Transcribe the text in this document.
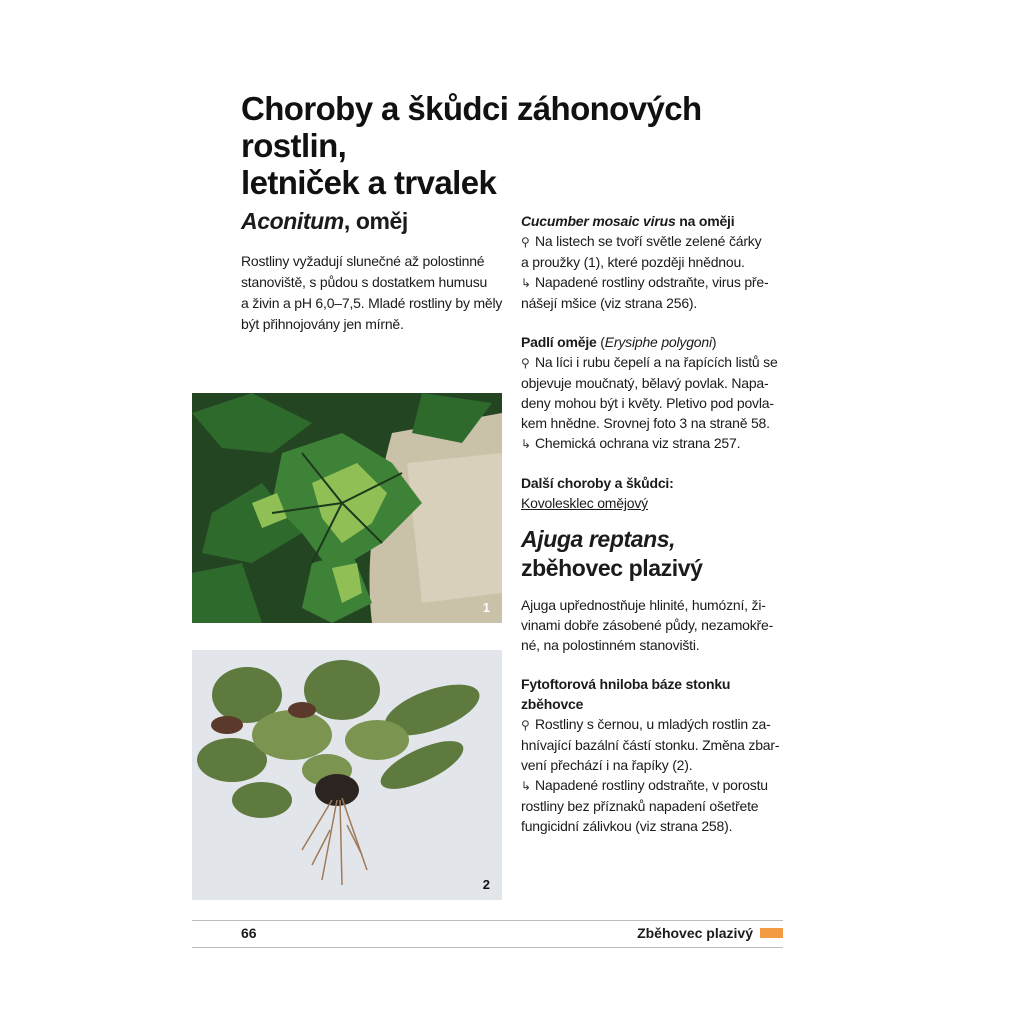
Choroby a škůdci záhonových rostlin,
letniček a trvalek
Aconitum, oměj

Rostliny vyžadují slunečné až polostinné
stanoviště, s půdou s dostatkem humusu
a živin a pH 6,0–7,5. Mladé rostliny by měly
být přihnojovány jen mírně.

1
2
Cucumber mosaic virus na oměji
⚲ Na listech se tvoří světle zelené čárky
a proužky (1), které později hnědnou.
↳ Napadené rostliny odstraňte, virus pře-
nášejí mšice (viz strana 256).
Padlí oměje (Erysiphe polygoni)
⚲ Na líci i rubu čepelí a na řapících listů se
objevuje moučnatý, bělavý povlak. Napa-
deny mohou být i květy. Pletivo pod povla-
kem hnědne. Srovnej foto 3 na straně 58.
↳ Chemická ochrana viz strana 257.
Další choroby a škůdci:
Kovolesklec omějový
Ajuga reptans,
zběhovec plazivý
Ajuga upřednostňuje hlinité, humózní, ži-
vinami dobře zásobené půdy, nezamokře-
né, na polostinném stanovišti.
Fytoftorová hniloba báze stonku
zběhovce
⚲ Rostliny s černou, u mladých rostlin za-
hnívající bazální částí stonku. Změna zbar-
vení přechází i na řapíky (2).
↳ Napadené rostliny odstraňte, v porostu
rostliny bez příznaků napadení ošetřete
fungicidní zálivkou (viz strana 258).
66	Zběhovec plazivý
